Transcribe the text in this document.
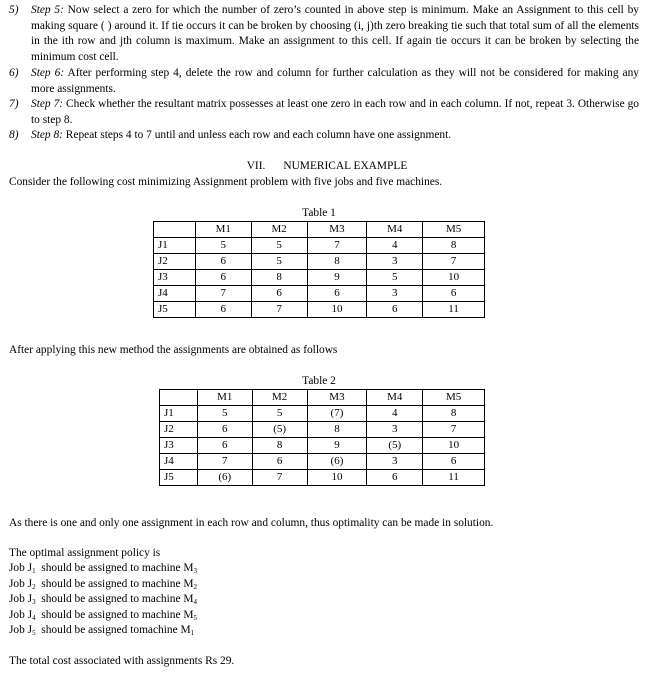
5) Step 5: Now select a zero for which the number of zero’s counted in above step is minimum. Make an Assignment to this cell by making square ( ) around it. If tie occurs it can be broken by choosing (i, j)th zero breaking tie such that total sum of all the elements in the ith row and jth column is maximum. Make an assignment to this cell. If again tie occurs it can be broken by selecting the minimum cost cell.
6) Step 6: After performing step 4, delete the row and column for further calculation as they will not be considered for making any more assignments.
7) Step 7: Check whether the resultant matrix possesses at least one zero in each row and in each column. If not, repeat 3. Otherwise go to step 8.
8) Step 8: Repeat steps 4 to 7 until and unless each row and each column have one assignment.
VII. NUMERICAL EXAMPLE
Consider the following cost minimizing Assignment problem with five jobs and five machines.
Table 1
	M1	M2	M3	M4	M5
J1	5	5	7	4	8
J2	6	5	8	3	7
J3	6	8	9	5	10
J4	7	6	6	3	6
J5	6	7	10	6	11
After applying this new method the assignments are obtained as follows
Table 2
	M1	M2	M3	M4	M5
J1	5	5	(7)	4	8
J2	6	(5)	8	3	7
J3	6	8	9	(5)	10
J4	7	6	(6)	3	6
J5	(6)	7	10	6	11
As there is one and only one assignment in each row and column, thus optimality can be made in solution.
The optimal assignment policy is
Job $J_1$  should be assigned to machine $M_3$
Job $J_2$  should be assigned to machine $M_2$
Job $J_3$  should be assigned to machine $M_4$
Job $J_4$  should be assigned to machine $M_5$
Job $J_5$  should be assigned tomachine $M_1$
The total cost associated with assignments Rs 29.
